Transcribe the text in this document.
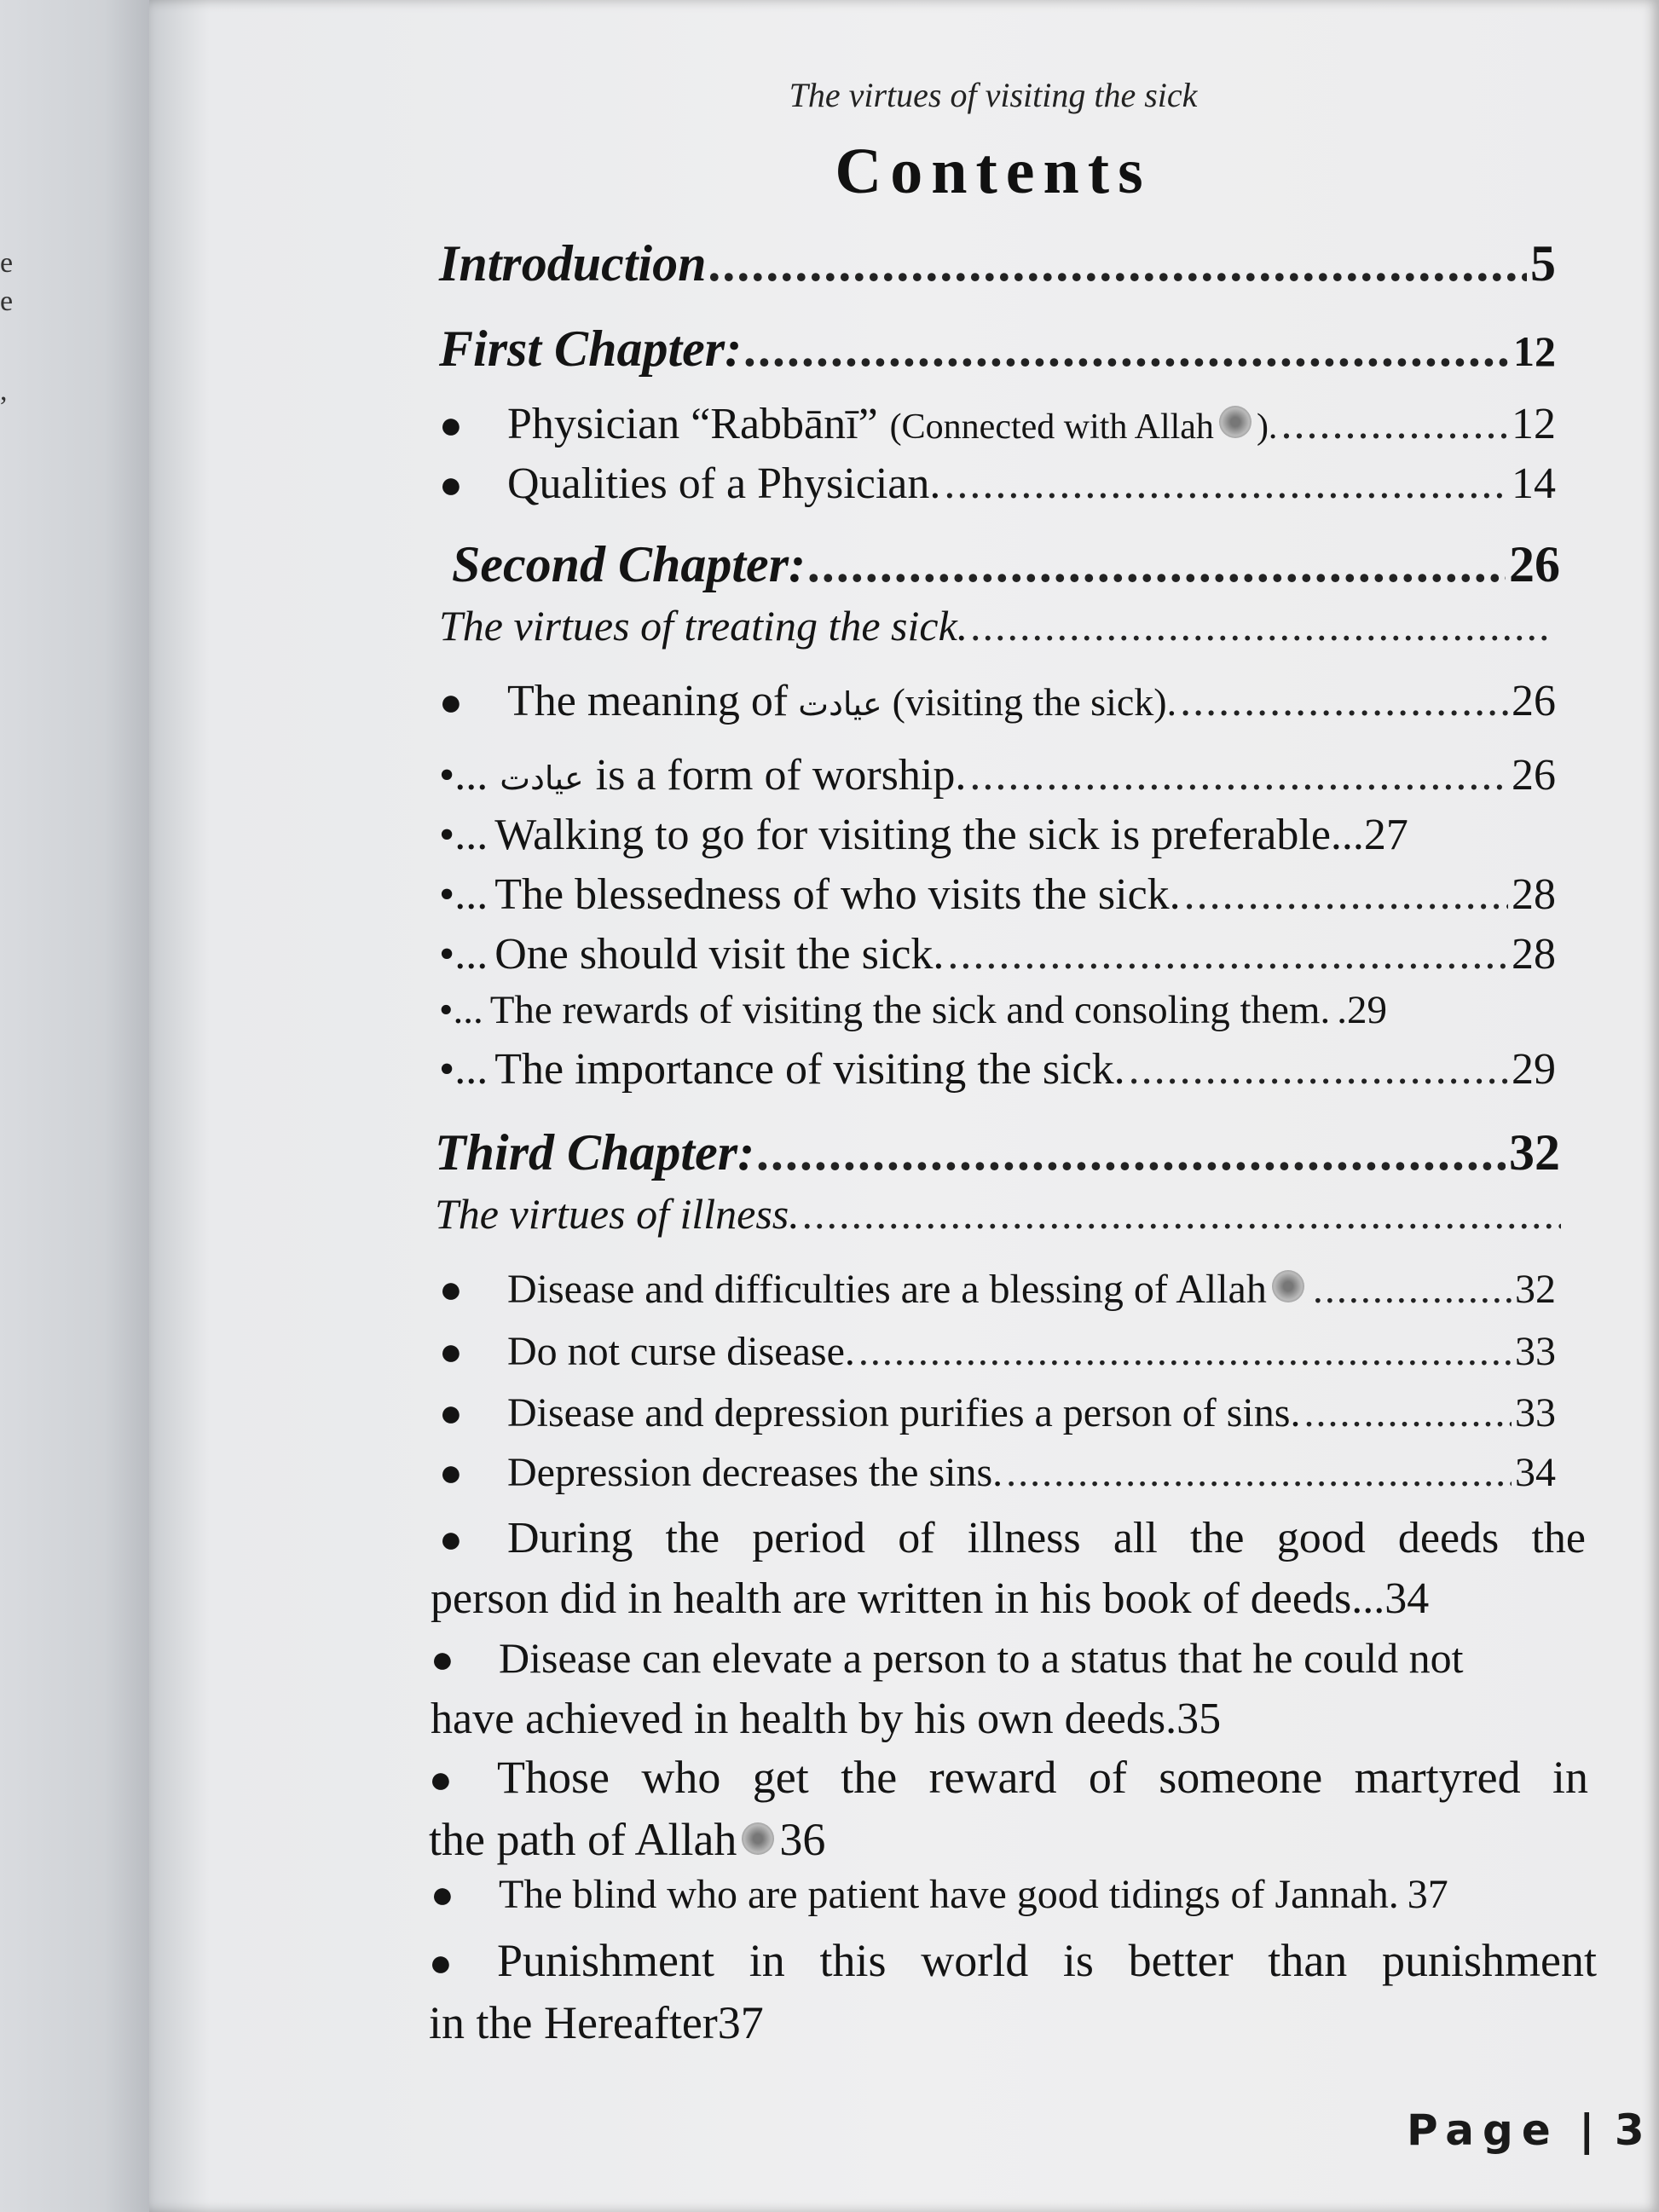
e
e
,
The virtues of visiting the sick
Contents
Introduction .....	5
First Chapter: .....	12
●	Physician “Rabbānī” (Connected with Allah ). .....	12
●	Qualities of a Physician. .....	14
Second Chapter: .....	26
The virtues of treating the sick.
.....
●	The meaning of عيادت (visiting the sick). .....	26
•... عيادت is a form of worship. .....	26
•... Walking to go for visiting the sick is preferable. ..27
•... The blessedness of who visits the sick. .....	28
•... One should visit the sick. .....	28
•... The rewards of visiting the sick and consoling them. .29
•... The importance of visiting the sick. .....	29
Third Chapter: .....	32
The virtues of illness.
.....
●	Disease and difficulties are a blessing of Allah .....	32
●	Do not curse disease. .....	33
●	Disease and depression purifies a person of sins. .....	33
●	Depression decreases the sins. .....	34
● During the period of illness all the good deeds the
person did in health are written in his book of deeds... 34
● Disease can elevate a person to a status that he could not
have achieved in health by his own deeds. 35
● Those who get the reward of someone martyred in
the path of Allah 36
●	The blind who are patient have good tidings of Jannah. 37
● Punishment in this world is better than punishment
in the Hereafter 37
Page | 3
